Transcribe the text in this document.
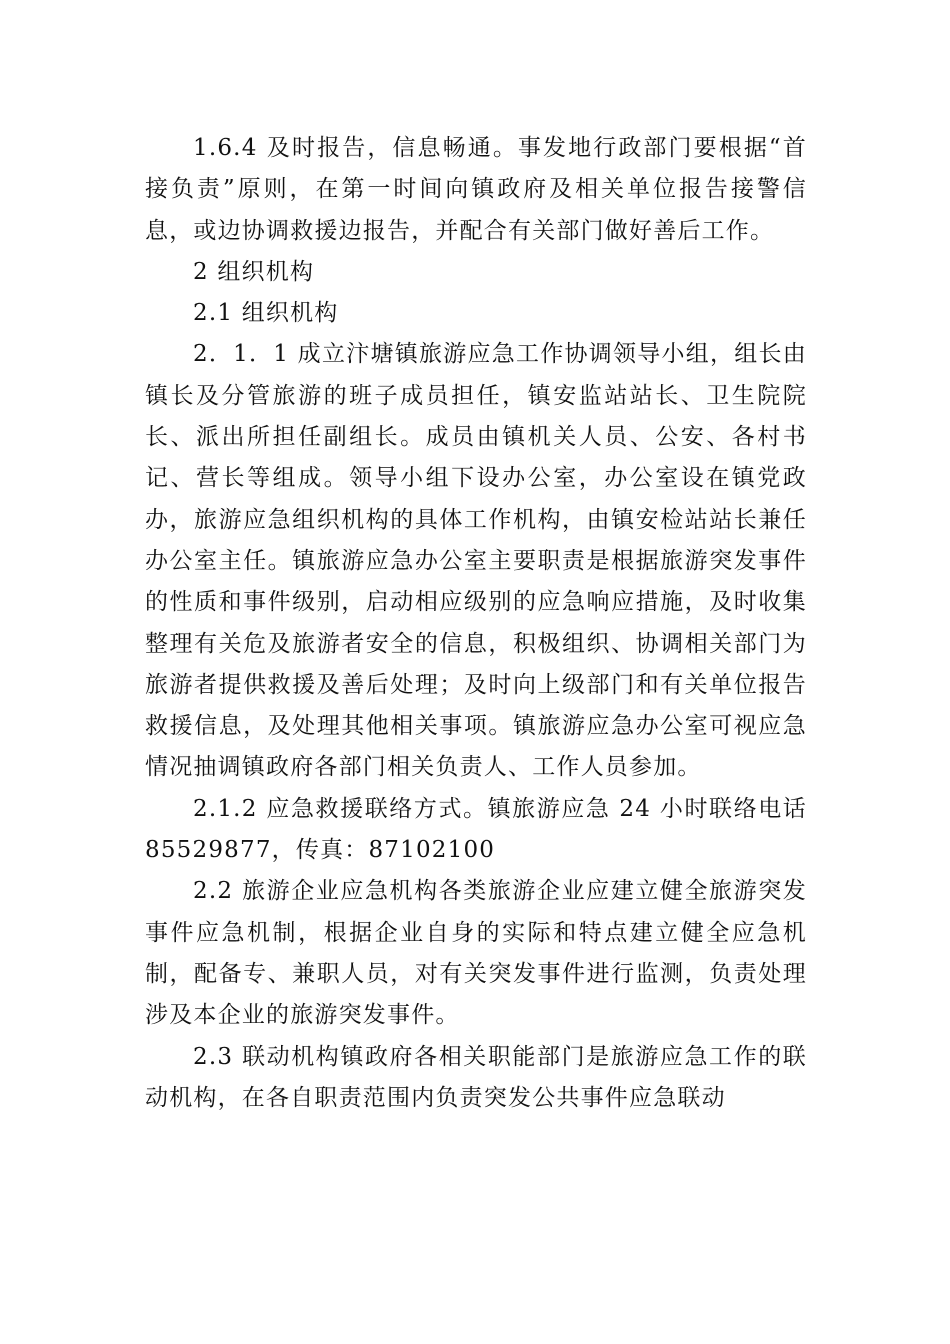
1.6.4 及时报告，信息畅通。事发地行政部门要根据“首接负责”原则，在第一时间向镇政府及相关单位报告接警信息，或边协调救援边报告，并配合有关部门做好善后工作。

2 组织机构

2.1 组织机构

2．1．1 成立汴塘镇旅游应急工作协调领导小组，组长由镇长及分管旅游的班子成员担任，镇安监站站长、卫生院院长、派出所担任副组长。成员由镇机关人员、公安、各村书记、营长等组成。领导小组下设办公室，办公室设在镇党政办，旅游应急组织机构的具体工作机构，由镇安检站站长兼任办公室主任。镇旅游应急办公室主要职责是根据旅游突发事件的性质和事件级别，启动相应级别的应急响应措施，及时收集整理有关危及旅游者安全的信息，积极组织、协调相关部门为旅游者提供救援及善后处理；及时向上级部门和有关单位报告救援信息，及处理其他相关事项。镇旅游应急办公室可视应急情况抽调镇政府各部门相关负责人、工作人员参加。

2.1.2 应急救援联络方式。镇旅游应急 24 小时联络电话 85529877，传真：87102100

2.2 旅游企业应急机构各类旅游企业应建立健全旅游突发事件应急机制，根据企业自身的实际和特点建立健全应急机制，配备专、兼职人员，对有关突发事件进行监测，负责处理涉及本企业的旅游突发事件。

2.3 联动机构镇政府各相关职能部门是旅游应急工作的联动机构，在各自职责范围内负责突发公共事件应急联动
